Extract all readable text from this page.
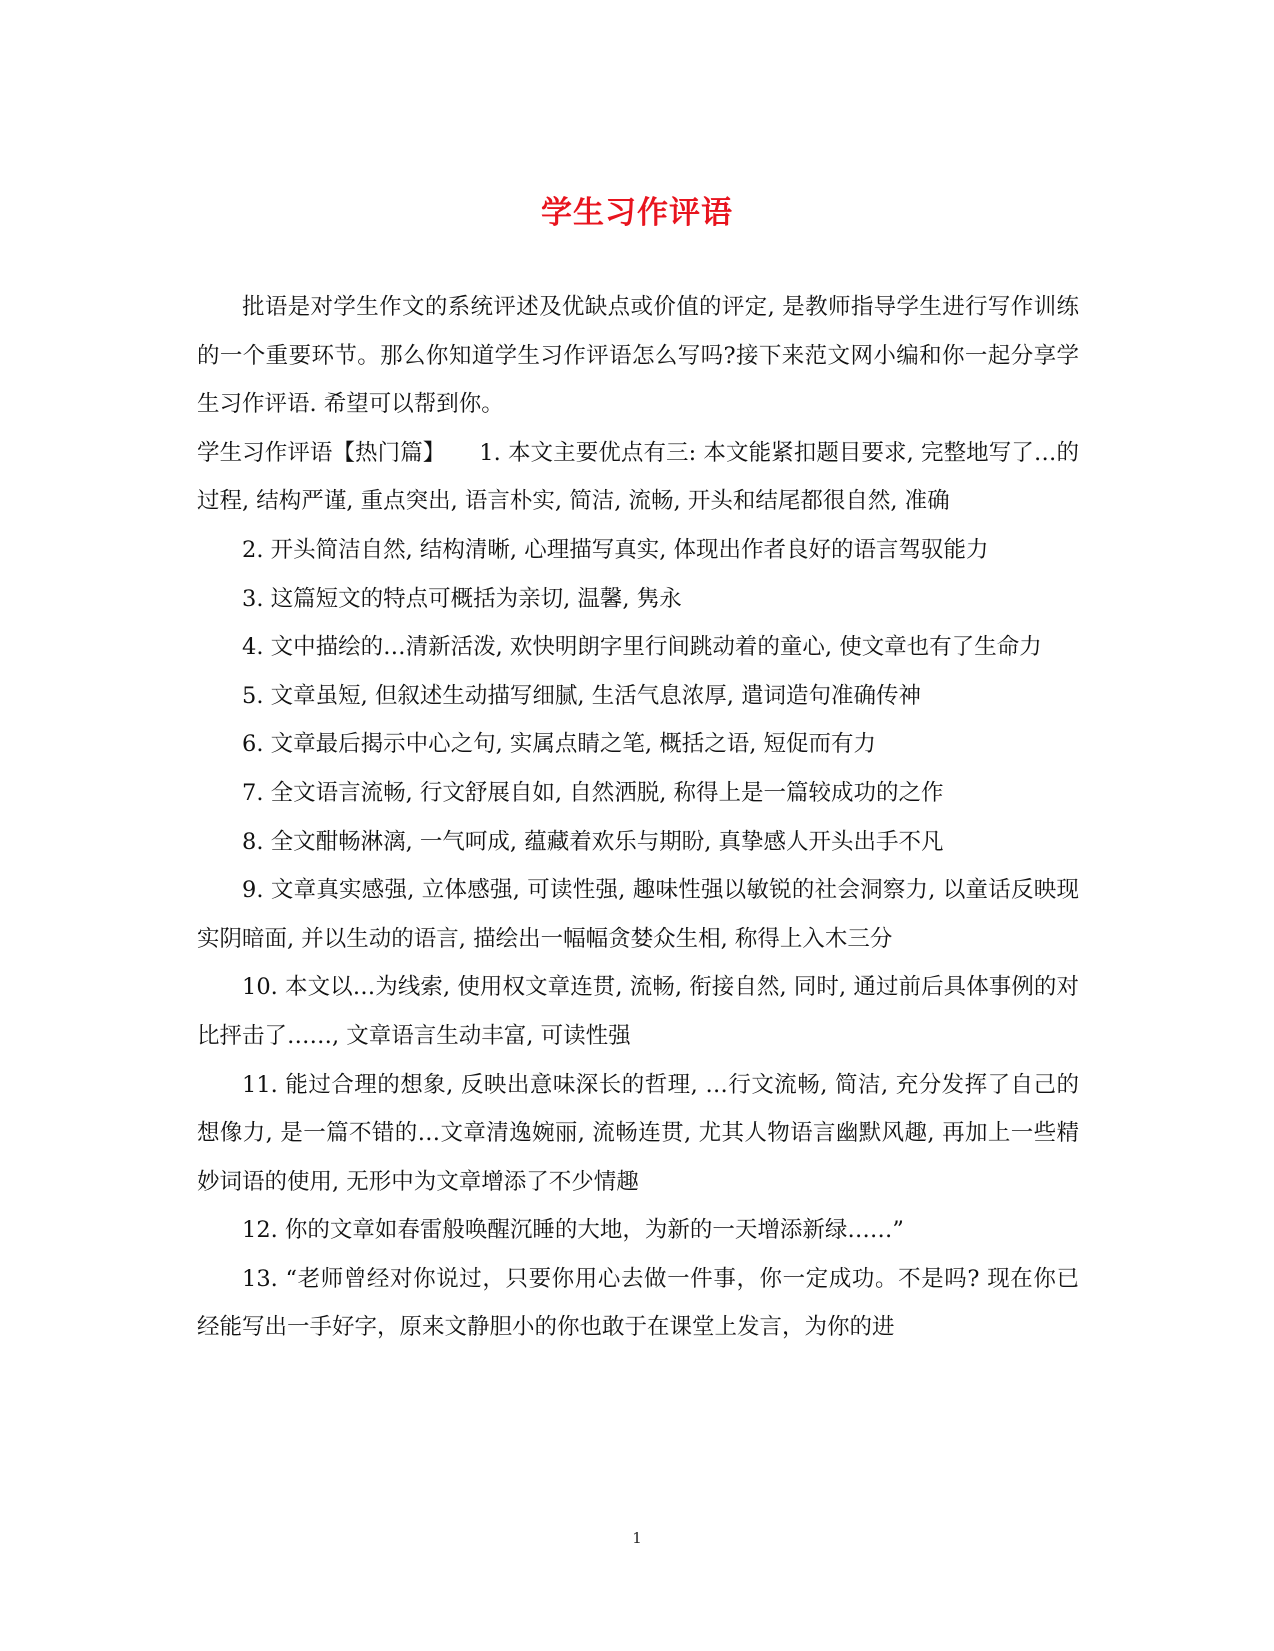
学生习作评语

批语是对学生作文的系统评述及优缺点或价值的评定, 是教师指导学生进行写作训练的一个重要环节。那么你知道学生习作评语怎么写吗?接下来范文网小编和你一起分享学生习作评语. 希望可以帮到你。

学生习作评语【热门篇】　　1. 本文主要优点有三: 本文能紧扣题目要求, 完整地写了…的过程, 结构严谨, 重点突出, 语言朴实, 简洁, 流畅, 开头和结尾都很自然, 准确

2. 开头简洁自然, 结构清晰, 心理描写真实, 体现出作者良好的语言驾驭能力

3. 这篇短文的特点可概括为亲切, 温馨, 隽永

4. 文中描绘的…清新活泼, 欢快明朗字里行间跳动着的童心, 使文章也有了生命力

5. 文章虽短, 但叙述生动描写细腻, 生活气息浓厚, 遣词造句准确传神

6. 文章最后揭示中心之句, 实属点睛之笔, 概括之语, 短促而有力

7. 全文语言流畅, 行文舒展自如, 自然洒脱, 称得上是一篇较成功的之作

8. 全文酣畅淋漓, 一气呵成, 蕴藏着欢乐与期盼, 真挚感人开头出手不凡

9. 文章真实感强, 立体感强, 可读性强, 趣味性强以敏锐的社会洞察力, 以童话反映现实阴暗面, 并以生动的语言, 描绘出一幅幅贪婪众生相, 称得上入木三分

10. 本文以…为线索, 使用权文章连贯, 流畅, 衔接自然, 同时, 通过前后具体事例的对比抨击了……, 文章语言生动丰富, 可读性强

11. 能过合理的想象, 反映出意味深长的哲理, …行文流畅, 简洁, 充分发挥了自己的想像力, 是一篇不错的…文章清逸婉丽, 流畅连贯, 尤其人物语言幽默风趣, 再加上一些精妙词语的使用, 无形中为文章增添了不少情趣

12. 你的文章如春雷般唤醒沉睡的大地，为新的一天增添新绿……”

13. “老师曾经对你说过，只要你用心去做一件事，你一定成功。不是吗? 现在你已经能写出一手好字，原来文静胆小的你也敢于在课堂上发言，为你的进

1
